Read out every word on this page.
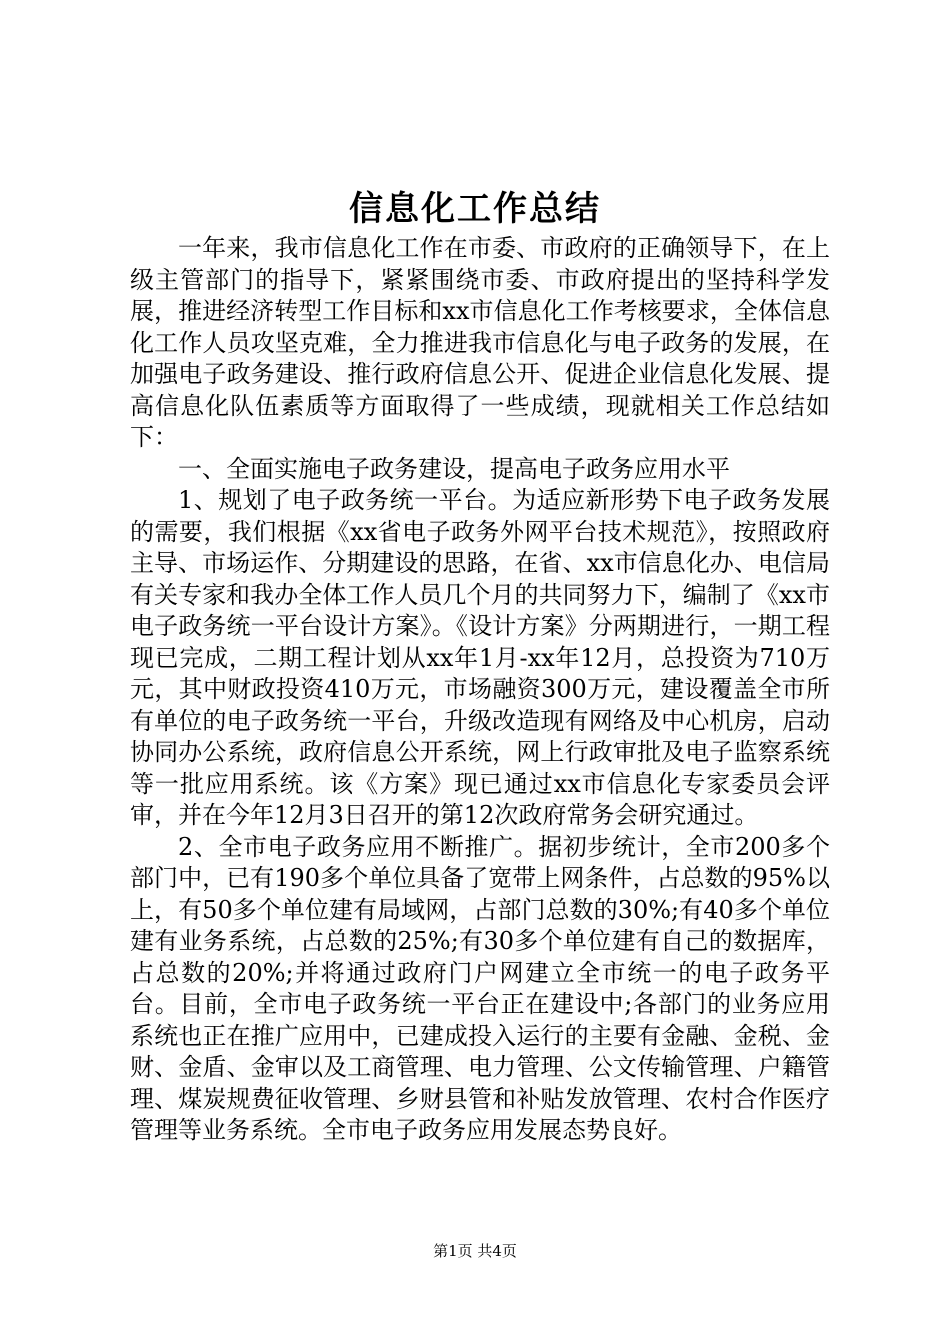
信息化工作总结

一年来，我市信息化工作在市委、市政府的正确领导下，在上级主管部门的指导下，紧紧围绕市委、市政府提出的坚持科学发展，推进经济转型工作目标和xx市信息化工作考核要求，全体信息化工作人员攻坚克难，全力推进我市信息化与电子政务的发展，在加强电子政务建设、推行政府信息公开、促进企业信息化发展、提高信息化队伍素质等方面取得了一些成绩，现就相关工作总结如下：

一、全面实施电子政务建设，提高电子政务应用水平

1、规划了电子政务统一平台。为适应新形势下电子政务发展的需要，我们根据《xx省电子政务外网平台技术规范》，按照政府主导、市场运作、分期建设的思路，在省、xx市信息化办、电信局有关专家和我办全体工作人员几个月的共同努力下，编制了《xx市电子政务统一平台设计方案》。《设计方案》分两期进行，一期工程现已完成，二期工程计划从xx年1月-xx年12月，总投资为710万元，其中财政投资410万元，市场融资300万元，建设覆盖全市所有单位的电子政务统一平台，升级改造现有网络及中心机房，启动协同办公系统，政府信息公开系统，网上行政审批及电子监察系统等一批应用系统。该《方案》现已通过xx市信息化专家委员会评审，并在今年12月3日召开的第12次政府常务会研究通过。

2、全市电子政务应用不断推广。据初步统计，全市200多个部门中，已有190多个单位具备了宽带上网条件，占总数的95%以上，有50多个单位建有局域网，占部门总数的30%;有40多个单位建有业务系统，占总数的25%;有30多个单位建有自己的数据库，占总数的20%;并将通过政府门户网建立全市统一的电子政务平台。目前，全市电子政务统一平台正在建设中;各部门的业务应用系统也正在推广应用中，已建成投入运行的主要有金融、金税、金财、金盾、金审以及工商管理、电力管理、公文传输管理、户籍管理、煤炭规费征收管理、乡财县管和补贴发放管理、农村合作医疗管理等业务系统。全市电子政务应用发展态势良好。

第1页 共4页
